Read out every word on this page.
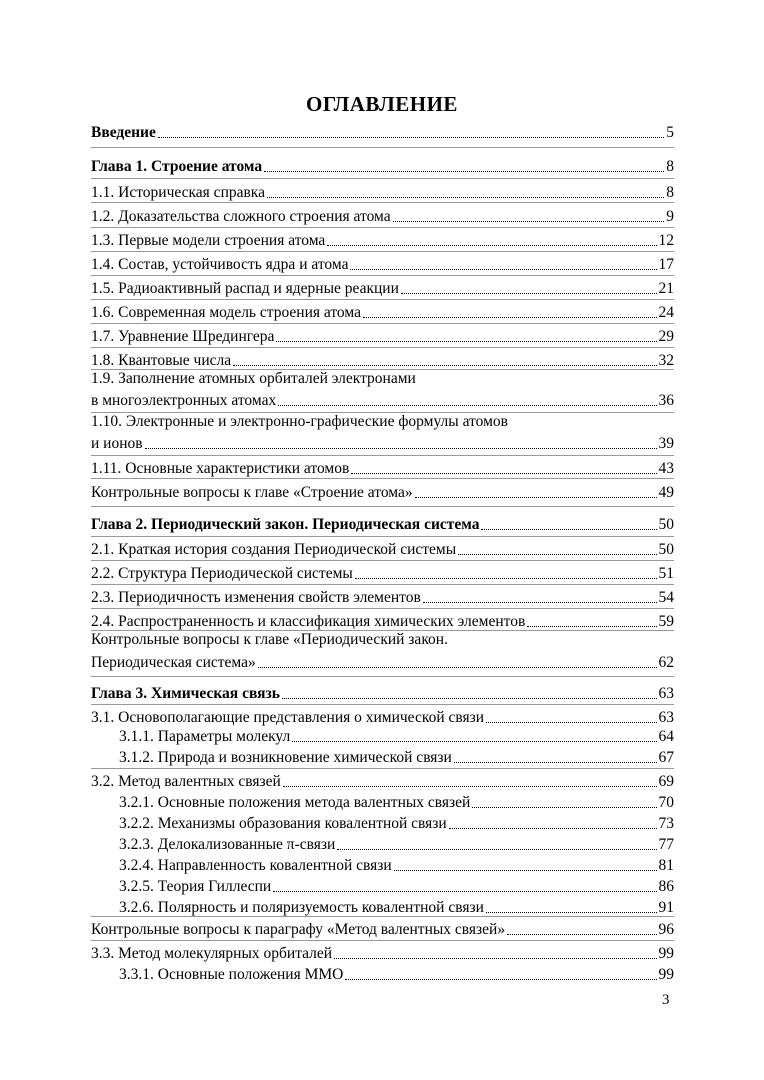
ОГЛАВЛЕНИЕ
Введение	5
Глава 1. Строение атома	8
1.1. Историческая справка	8
1.2. Доказательства сложного строения атома	9
1.3. Первые модели строения атома	12
1.4. Состав, устойчивость ядра и атома	17
1.5. Радиоактивный распад и ядерные реакции	21
1.6. Современная модель строения атома	24
1.7. Уравнение Шредингера	29
1.8. Квантовые числа	32
1.9. Заполнение атомных орбиталей электронами
в многоэлектронных атомах	36
1.10. Электронные и электронно-графические формулы атомов
и ионов	39
1.11. Основные характеристики атомов	43
Контрольные вопросы к главе «Строение атома»	49
Глава 2. Периодический закон. Периодическая система	50
2.1. Краткая история создания Периодической системы	50
2.2. Структура Периодической системы	51
2.3. Периодичность изменения свойств элементов	54
2.4. Распространенность и классификация химических элементов	59
Контрольные вопросы к главе «Периодический закон.
Периодическая система»	62
Глава 3. Химическая связь	63
3.1. Основополагающие представления о химической связи	63
3.1.1. Параметры молекул	64
3.1.2. Природа и возникновение химической связи	67
3.2. Метод валентных связей	69
3.2.1. Основные положения метода валентных связей	70
3.2.2. Механизмы образования ковалентной связи	73
3.2.3. Делокализованные π-связи	77
3.2.4. Направленность ковалентной связи	81
3.2.5. Теория Гиллеспи	86
3.2.6. Полярность и поляризуемость ковалентной связи	91
Контрольные вопросы к параграфу «Метод валентных связей»	96
3.3. Метод молекулярных орбиталей	99
3.3.1. Основные положения ММО	99
3
